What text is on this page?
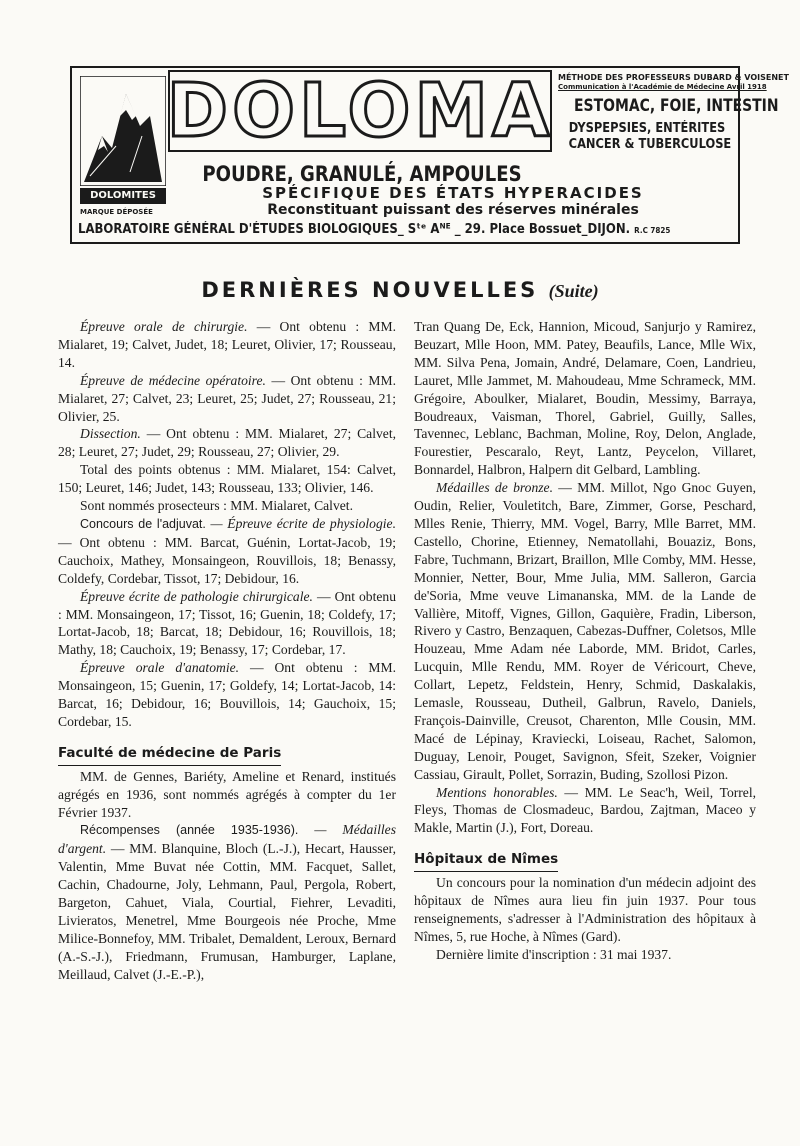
DOLOMITES
MARQUE DÉPOSÉE
DOLOMA
POUDRE, GRANULÉ, AMPOULES
MÉTHODE DES PROFESSEURS DUBARD & VOISENET
Communication à l'Académie de Médecine Avril 1918
ESTOMAC, FOIE, INTESTIN
DYSPEPSIES, ENTÉRITES
CANCER & TUBERCULOSE
SPÉCIFIQUE DES ÉTATS HYPERACIDES
Reconstituant puissant des réserves minérales
LABORATOIRE GÉNÉRAL D'ÉTUDES BIOLOGIQUES_ Sᵗᵉ Aᴺᴱ _ 29. Place Bossuet_DIJON. R.C 7825
DERNIÈRES NOUVELLES (Suite)

Épreuve orale de chirurgie. — Ont obtenu : MM. Mialaret, 19; Calvet, Judet, 18; Leuret, Olivier, 17; Rousseau, 14.

Épreuve de médecine opératoire. — Ont obtenu : MM. Mialaret, 27; Calvet, 23; Leuret, 25; Judet, 27; Rousseau, 21; Olivier, 25.

Dissection. — Ont obtenu : MM. Mialaret, 27; Calvet, 28; Leuret, 27; Judet, 29; Rousseau, 27; Olivier, 29.

Total des points obtenus : MM. Mialaret, 154: Calvet, 150; Leuret, 146; Judet, 143; Rousseau, 133; Olivier, 146.

Sont nommés prosecteurs : MM. Mialaret, Calvet.

Concours de l'adjuvat. — Épreuve écrite de physiologie. — Ont obtenu : MM. Barcat, Guénin, Lortat-Jacob, 19; Cauchoix, Mathey, Monsaingeon, Rouvillois, 18; Benassy, Coldefy, Cordebar, Tissot, 17; Debidour, 16.

Épreuve écrite de pathologie chirurgicale. — Ont obtenu : MM. Monsaingeon, 17; Tissot, 16; Guenin, 18; Coldefy, 17; Lortat-Jacob, 18; Barcat, 18; Debidour, 16; Rouvillois, 18; Mathy, 18; Cauchoix, 19; Benassy, 17; Cordebar, 17.

Épreuve orale d'anatomie. — Ont obtenu : MM. Monsaingeon, 15; Guenin, 17; Goldefy, 14; Lortat-Jacob, 14: Barcat, 16; Debidour, 16; Bouvillois, 14; Gauchoix, 15; Cordebar, 15.

Faculté de médecine de Paris

MM. de Gennes, Bariéty, Ameline et Renard, institués agrégés en 1936, sont nommés agrégés à compter du 1er Février 1937.

Récompenses (année 1935-1936). — Médailles d'argent. — MM. Blanquine, Bloch (L.-J.), Hecart, Hausser, Valentin, Mme Buvat née Cottin, MM. Facquet, Sallet, Cachin, Chadourne, Joly, Lehmann, Paul, Pergola, Robert, Bargeton, Cahuet, Viala, Courtial, Fiehrer, Levaditi, Livieratos, Menetrel, Mme Bourgeois née Proche, Mme Milice-Bonnefoy, MM. Tribalet, Demaldent, Leroux, Bernard (A.-S.-J.), Friedmann, Frumusan, Hamburger, Laplane, Meillaud, Calvet (J.-E.-P.),

Tran Quang De, Eck, Hannion, Micoud, Sanjurjo y Ramirez, Beuzart, Mlle Hoon, MM. Patey, Beaufils, Lance, Mlle Wix, MM. Silva Pena, Jomain, André, Delamare, Coen, Landrieu, Lauret, Mlle Jammet, M. Mahoudeau, Mme Schrameck, MM. Grégoire, Aboulker, Mialaret, Boudin, Messimy, Barraya, Boudreaux, Vaisman, Thorel, Gabriel, Guilly, Salles, Tavennec, Leblanc, Bachman, Moline, Roy, Delon, Anglade, Fourestier, Pescaralo, Reyt, Lantz, Peycelon, Villaret, Bonnardel, Halbron, Halpern dit Gelbard, Lambling.

Médailles de bronze. — MM. Millot, Ngo Gnoc Guyen, Oudin, Relier, Vouletitch, Bare, Zimmer, Gorse, Peschard, Mlles Renie, Thierry, MM. Vogel, Barry, Mlle Barret, MM. Castello, Chorine, Etienney, Nematollahi, Bouaziz, Bons, Fabre, Tuchmann, Brizart, Braillon, Mlle Comby, MM. Hesse, Monnier, Netter, Bour, Mme Julia, MM. Salleron, Garcia de'Soria, Mme veuve Limananska, MM. de la Lande de Vallière, Mitoff, Vignes, Gillon, Gaquière, Fradin, Liberson, Rivero y Castro, Benzaquen, Cabezas-Duffner, Coletsos, Mlle Houzeau, Mme Adam née Laborde, MM. Bridot, Carles, Lucquin, Mlle Rendu, MM. Royer de Véricourt, Cheve, Collart, Lepetz, Feldstein, Henry, Schmid, Daskalakis, Lemasle, Rousseau, Dutheil, Galbrun, Ravelo, Daniels, François-Dainville, Creusot, Charenton, Mlle Cousin, MM. Macé de Lépinay, Kraviecki, Loiseau, Rachet, Salomon, Duguay, Lenoir, Pouget, Savignon, Sfeit, Szeker, Voignier Cassiau, Girault, Pollet, Sorrazin, Buding, Szollosi Pizon.

Mentions honorables. — MM. Le Seac'h, Weil, Torrel, Fleys, Thomas de Closmadeuc, Bardou, Zajtman, Maceo y Makle, Martin (J.), Fort, Doreau.

Hôpitaux de Nîmes

Un concours pour la nomination d'un médecin adjoint des hôpitaux de Nîmes aura lieu fin juin 1937. Pour tous renseignements, s'adresser à l'Administration des hôpitaux à Nîmes, 5, rue Hoche, à Nîmes (Gard).

Dernière limite d'inscription : 31 mai 1937.
